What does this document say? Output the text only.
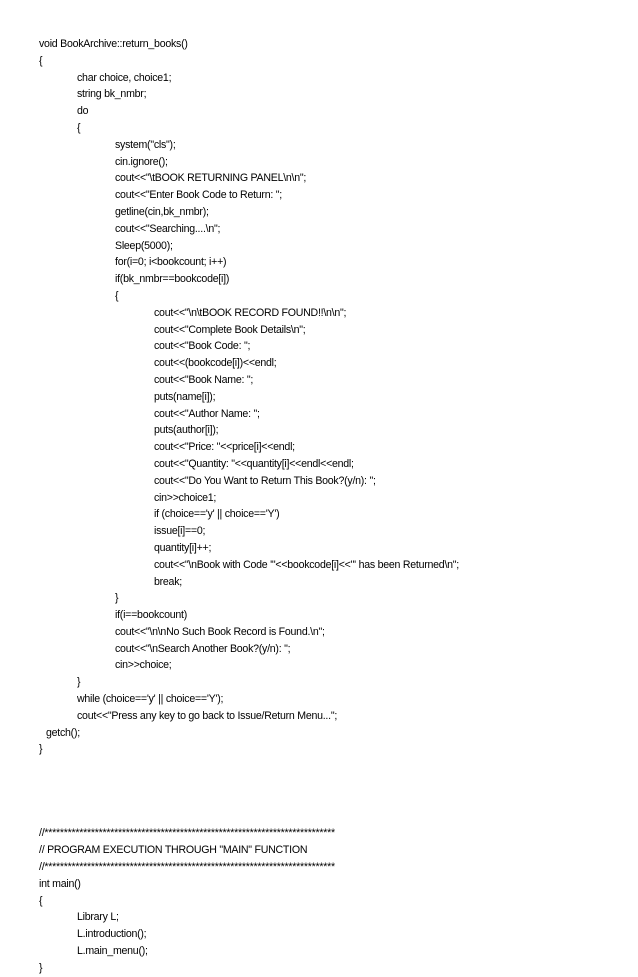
void BookArchive::return_books()
{
char choice, choice1;
string bk_nmbr;
do
{
system("cls");
cin.ignore();
cout<<"\tBOOK RETURNING PANEL\n\n";
cout<<"Enter Book Code to Return: ";
getline(cin,bk_nmbr);
cout<<"Searching....\n";
Sleep(5000);
for(i=0; i<bookcount; i++)
if(bk_nmbr==bookcode[i])
{
cout<<"\n\tBOOK RECORD FOUND!!\n\n";
cout<<"Complete Book Details\n";
cout<<"Book Code: ";
cout<<(bookcode[i])<<endl;
cout<<"Book Name: ";
puts(name[i]);
cout<<"Author Name: ";
puts(author[i]);
cout<<"Price: "<<price[i]<<endl;
cout<<"Quantity: "<<quantity[i]<<endl<<endl;
cout<<"Do You Want to Return This Book?(y/n): ";
cin>>choice1;
if (choice=='y' || choice=='Y')
issue[i]==0;
quantity[i]++;
cout<<"\nBook with Code '"<<bookcode[i]<<"' has been Returned\n";
break;
}
if(i==bookcount)
cout<<"\n\nNo Such Book Record is Found.\n";
cout<<"\nSearch Another Book?(y/n): ";
cin>>choice;
}
while (choice=='y' || choice=='Y');
cout<<"Press any key to go back to Issue/Return Menu...";
getch();
}
//***************************************************************************
// PROGRAM EXECUTION THROUGH "MAIN" FUNCTION
//***************************************************************************
int main()
{
Library L;
L.introduction();
L.main_menu();
}
